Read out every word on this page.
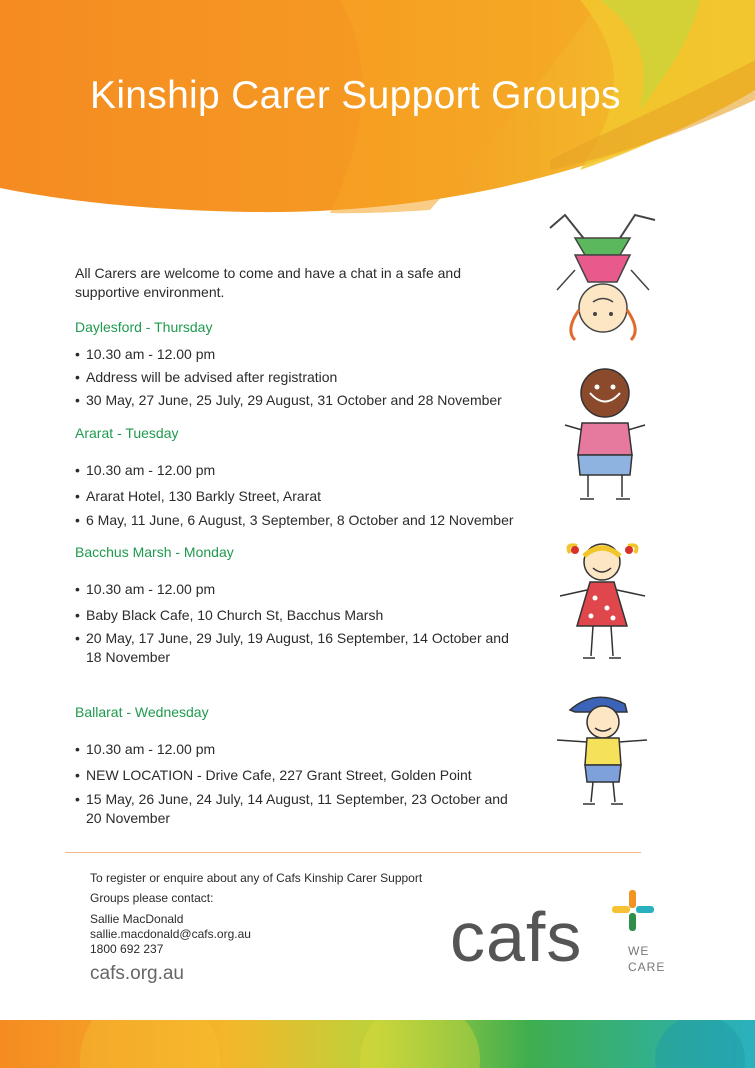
Kinship Carer Support Groups
All Carers are welcome to come and have a chat in a safe and supportive environment.

Daylesford - Thursday

• 10.30 am - 12.00 pm
• Address will be advised after registration
• 30 May, 27 June, 25 July, 29 August, 31 October and 28 November

Ararat - Tuesday

• 10.30 am - 12.00 pm
• Ararat Hotel, 130 Barkly Street, Ararat
• 6 May, 11 June, 6 August, 3 September, 8 October and 12 November

Bacchus Marsh - Monday

• 10.30 am - 12.00 pm
• Baby Black Cafe, 10 Church St, Bacchus Marsh
• 20 May, 17 June, 29 July, 19 August, 16 September, 14 October and 18 November

Ballarat - Wednesday

• 10.30 am - 12.00 pm
• NEW LOCATION - Drive Cafe, 227 Grant Street, Golden Point
• 15 May, 26 June, 24 July, 14 August, 11 September, 23 October and 20 November
To register or enquire about any of Cafs Kinship Carer Support
Groups please contact:
Sallie MacDonald
sallie.macdonald@cafs.org.au
1800 692 237
cafs.org.au	cafs	WE
CARE
